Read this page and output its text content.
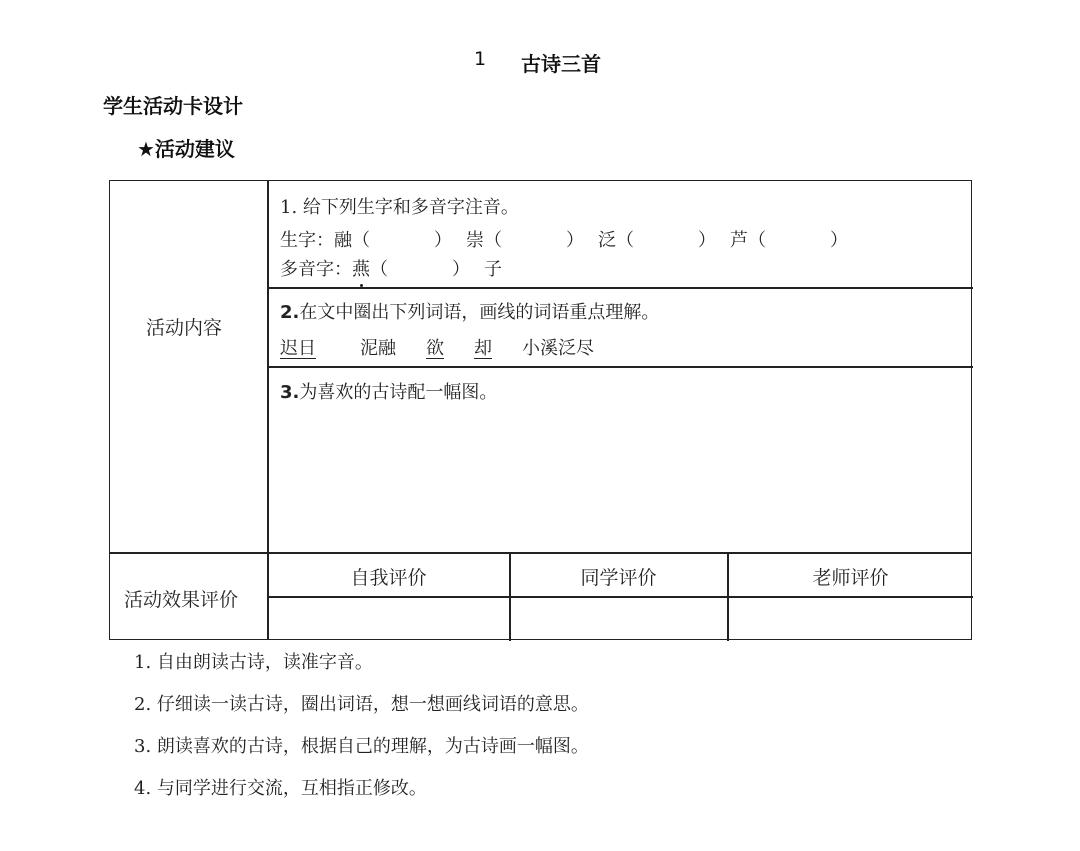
1 古诗三首
学生活动卡设计
★活动建议
活动内容
1. 给下列生字和多音字注音。
生字：融（	） 崇（	） 泛（	） 芦（	）
多音字：燕（	） 子
2.在文中圈出下列词语，画线的词语重点理解。
迟日 泥融 欲 却 小溪泛尽
3.为喜欢的古诗配一幅图。
活动效果评价
自我评价	同学评价	老师评价
1. 自由朗读古诗，读准字音。
2. 仔细读一读古诗，圈出词语，想一想画线词语的意思。
3. 朗读喜欢的古诗，根据自己的理解，为古诗画一幅图。
4. 与同学进行交流，互相指正修改。
